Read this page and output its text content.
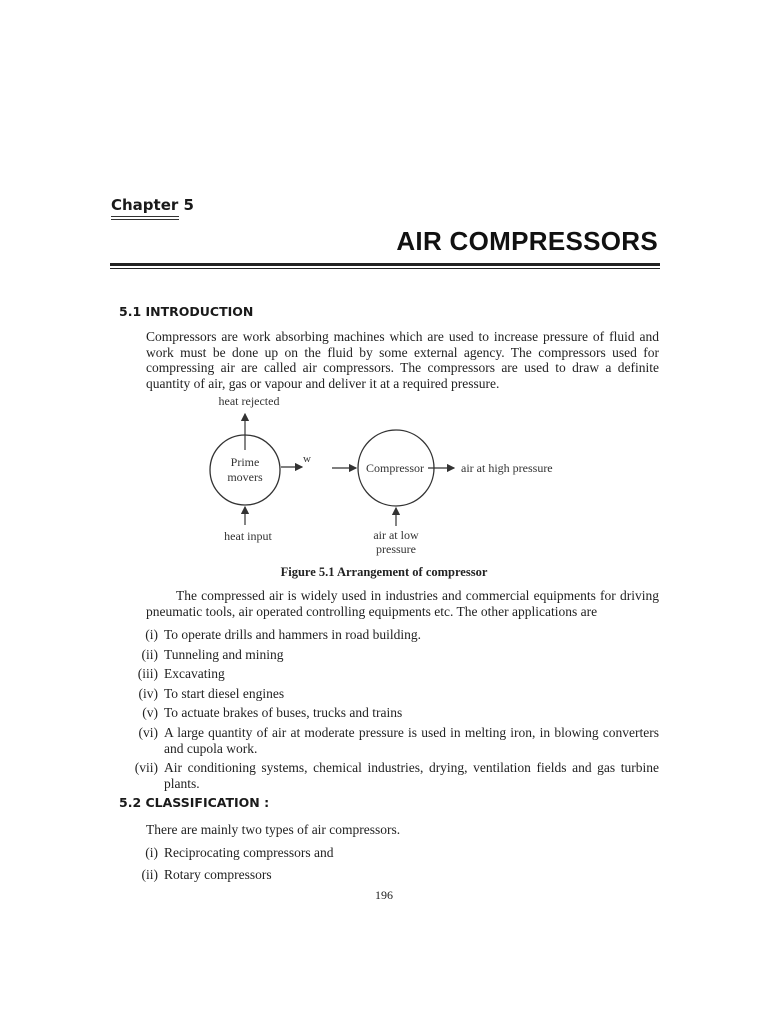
Chapter 5
AIR COMPRESSORS
5.1 INTRODUCTION
Compressors are work absorbing machines which are used to increase pressure of fluid and work must be done up on the fluid by some external agency. The compressors used for compressing air are called air compressors. The compressors are used to draw a definite quantity of air, gas or vapour and deliver it at a required pressure.
heat rejected
Prime
movers
w
Compressor	air at high pressure
heat input	air at low
pressure
Figure 5.1 Arrangement of compressor
The compressed air is widely used in industries and commercial equipments for driving pneumatic tools, air operated controlling equipments etc. The other applications are
(i) To operate drills and hammers in road building.
(ii) Tunneling and mining
(iii) Excavating
(iv) To start diesel engines
(v) To actuate brakes of buses, trucks and trains
(vi) A large quantity of air at moderate pressure is used in melting iron, in blowing converters and cupola work.
(vii) Air conditioning systems, chemical industries, drying, ventilation fields and gas turbine plants.
5.2 CLASSIFICATION :
There are mainly two types of air compressors.
(i) Reciprocating compressors and
(ii) Rotary compressors
196
